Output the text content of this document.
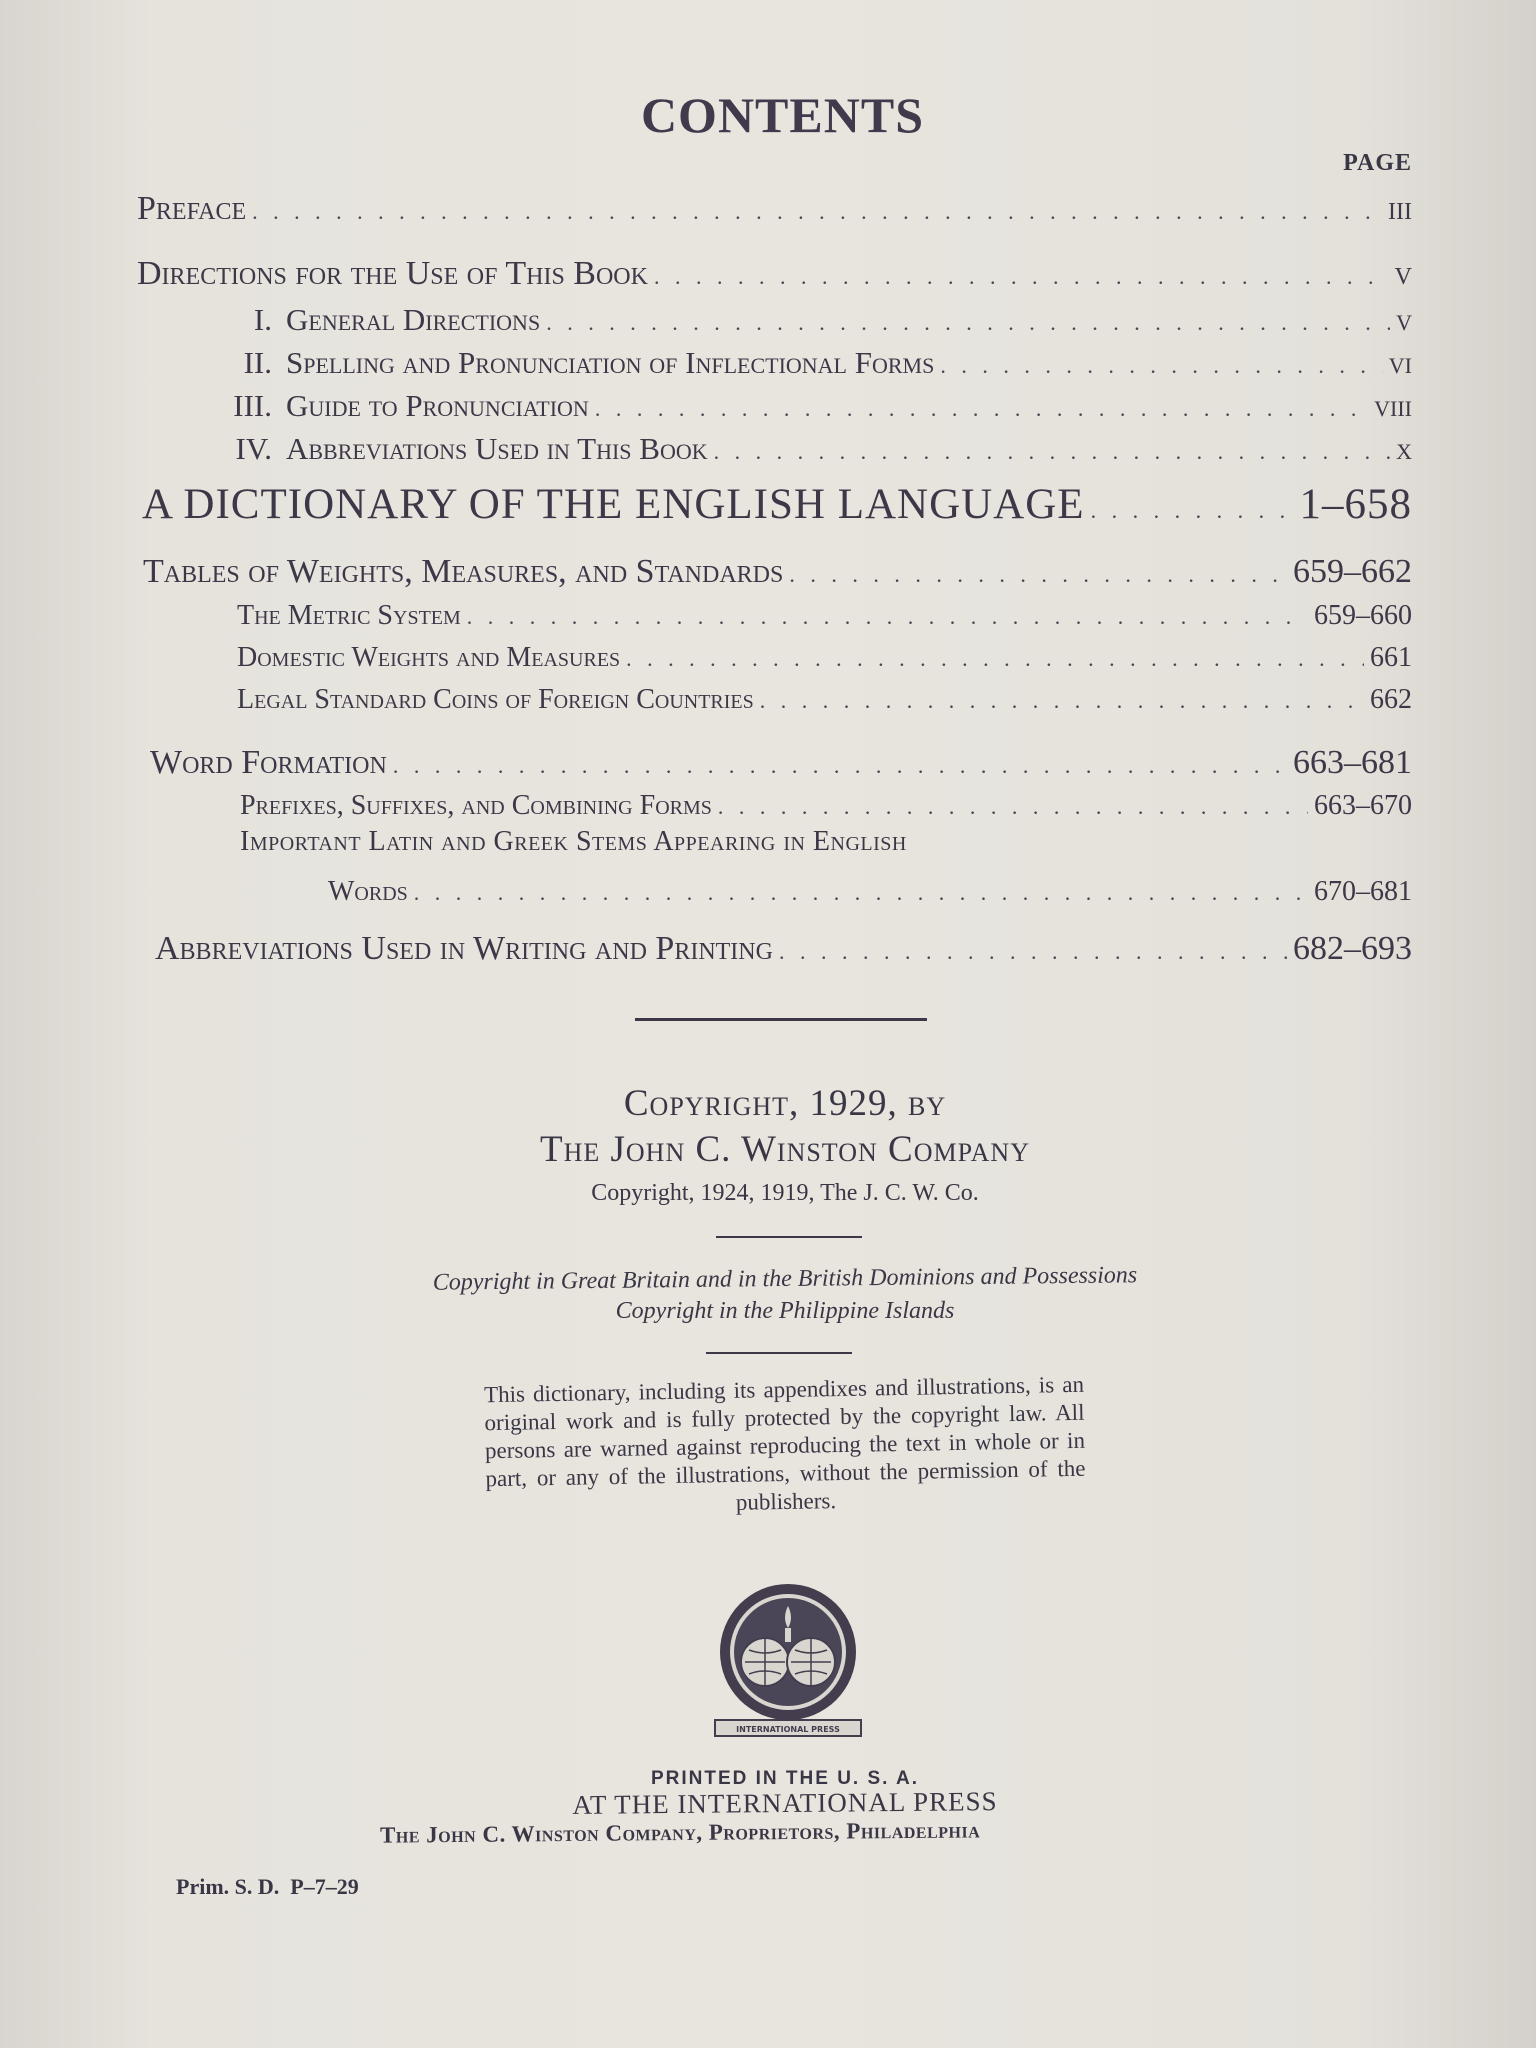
CONTENTS
PAGE
Preface . . .	iii
Directions for the Use of This Book . . .	v
I. General Directions . . .	v
II. Spelling and Pronunciation of Inflectional Forms . . .	vi
III. Guide to Pronunciation . . .	viii
IV. Abbreviations Used in This Book . . .	x
A DICTIONARY OF THE ENGLISH LANGUAGE . . .	1–658
Tables of Weights, Measures, and Standards . . .	659–662
The Metric System . . .	659–660
Domestic Weights and Measures . . .	661
Legal Standard Coins of Foreign Countries . . .	662
Word Formation . . .	663–681
Prefixes, Suffixes, and Combining Forms . . .	663–670
Important Latin and Greek Stems Appearing in English
Words . . .	670–681
Abbreviations Used in Writing and Printing . . .	682–693
Copyright, 1929, by
The John C. Winston Company
Copyright, 1924, 1919, The J. C. W. Co.
Copyright in Great Britain and in the British Dominions and Possessions
Copyright in the Philippine Islands
This dictionary, including its appendixes and illustrations, is an original work and is fully protected by the copyright law. All persons are warned against reproducing the text in whole or in part, or any of the illustrations, without the permission of the publishers.
INTERNATIONAL PRESS
PRINTED IN THE U. S. A.
AT THE INTERNATIONAL PRESS
The John C. Winston Company, Proprietors, Philadelphia
Prim. S. D.  P–7–29
